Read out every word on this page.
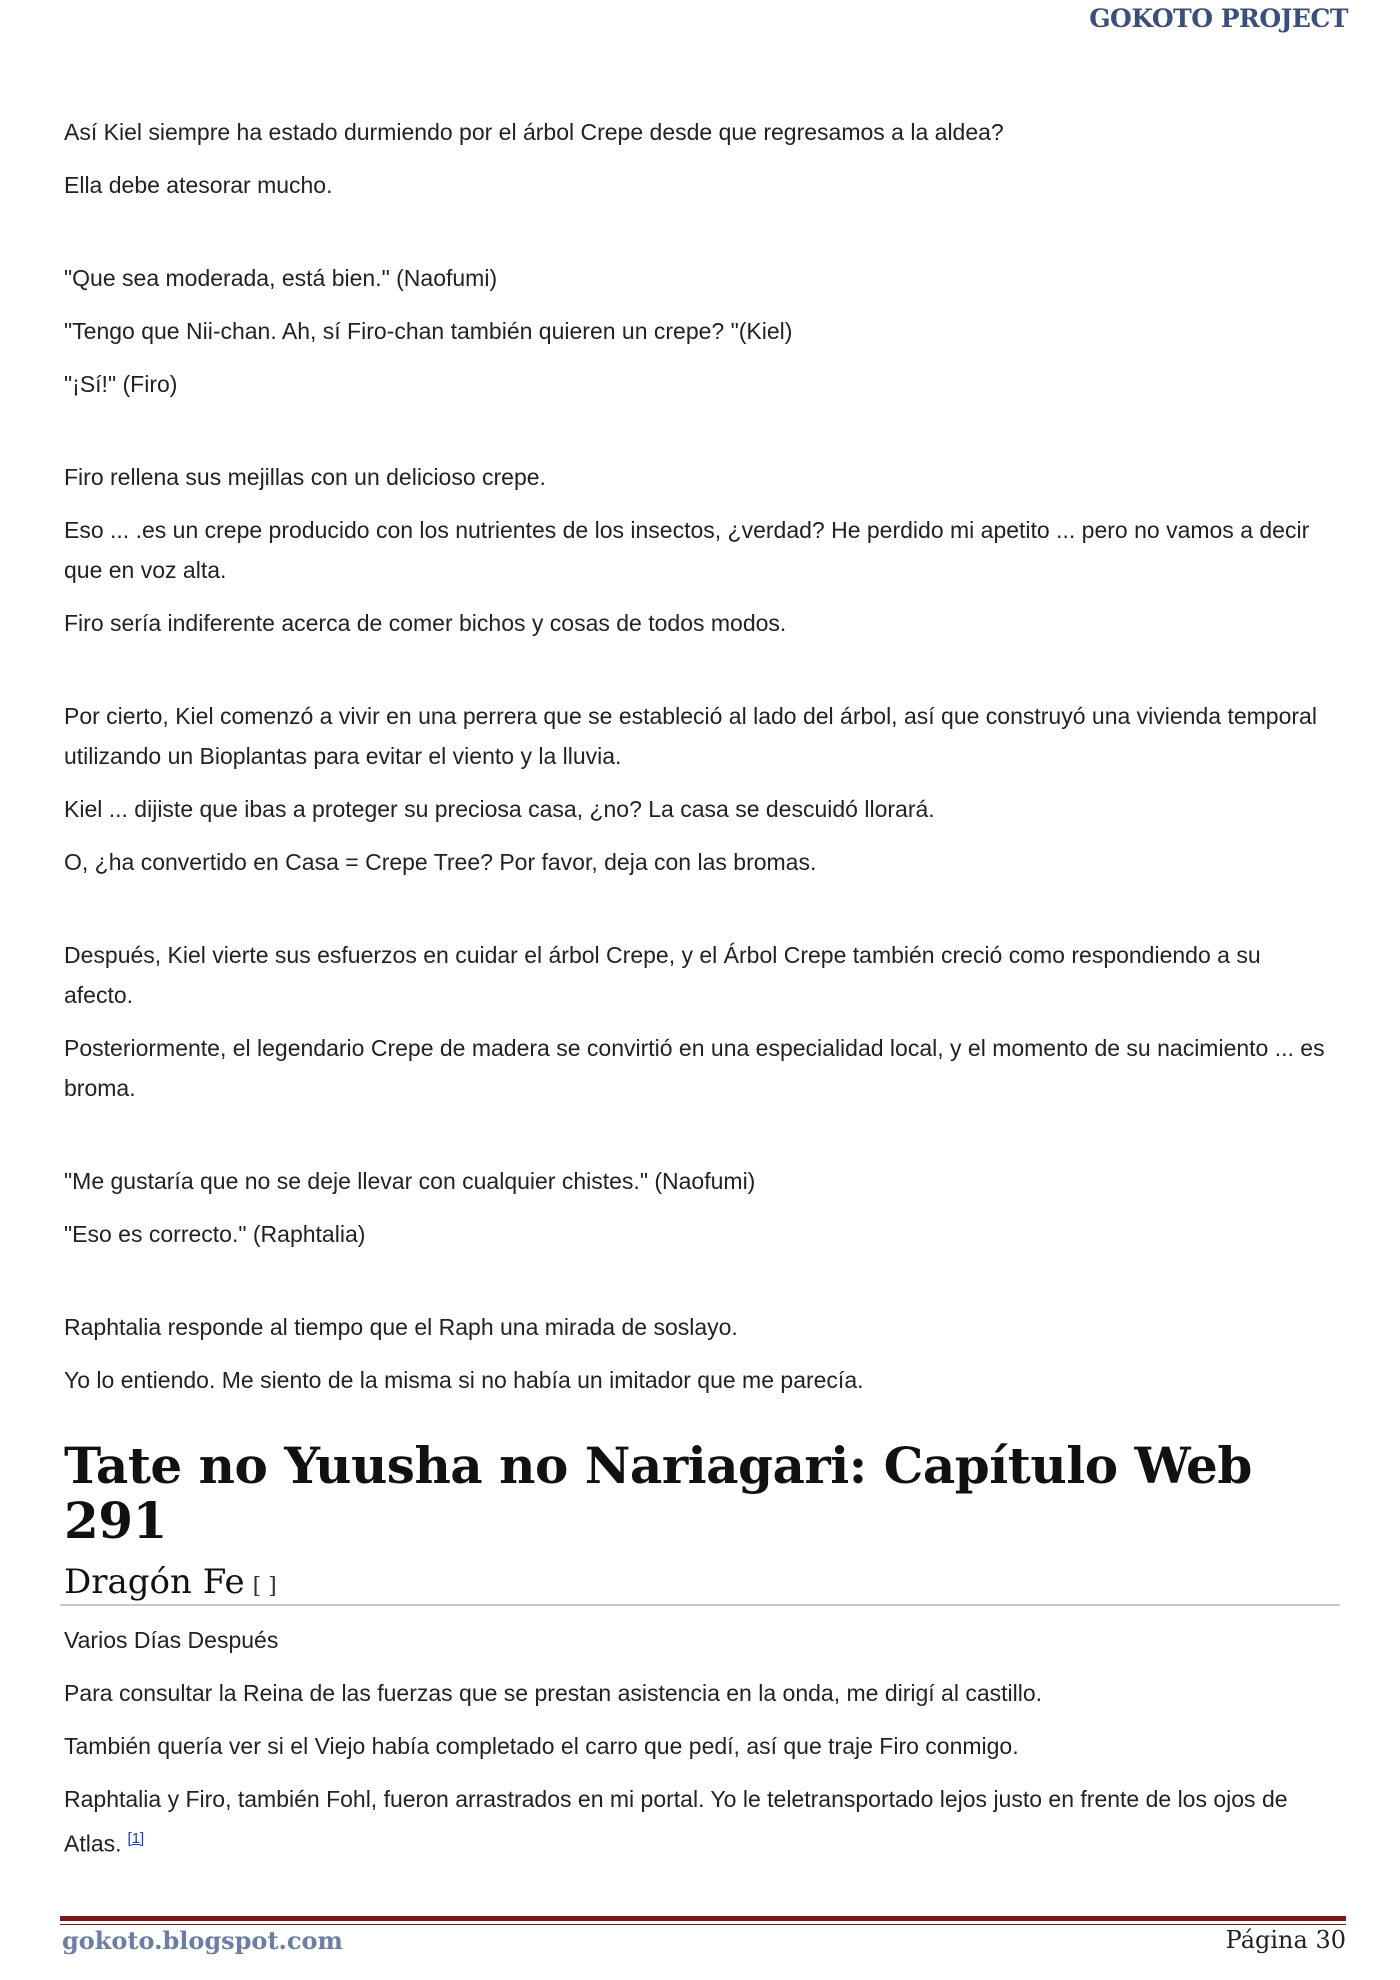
GOKOTO PROJECT

Así Kiel siempre ha estado durmiendo por el árbol Crepe desde que regresamos a la aldea?

Ella debe atesorar mucho.

"Que sea moderada, está bien." (Naofumi)

"Tengo que Nii-chan. Ah, sí Firo-chan también quieren un crepe? "(Kiel)

"¡Sí!" (Firo)

Firo rellena sus mejillas con un delicioso crepe.

Eso ... .es un crepe producido con los nutrientes de los insectos, ¿verdad? He perdido mi apetito ... pero no vamos a decir que en voz alta.

Firo sería indiferente acerca de comer bichos y cosas de todos modos.

Por cierto, Kiel comenzó a vivir en una perrera que se estableció al lado del árbol, así que construyó una vivienda temporal utilizando un Bioplantas para evitar el viento y la lluvia.

Kiel ... dijiste que ibas a proteger su preciosa casa, ¿no? La casa se descuidó llorará.

O, ¿ha convertido en Casa = Crepe Tree? Por favor, deja con las bromas.

Después, Kiel vierte sus esfuerzos en cuidar el árbol Crepe, y el Árbol Crepe también creció como respondiendo a su afecto.

Posteriormente, el legendario Crepe de madera se convirtió en una especialidad local, y el momento de su nacimiento ... es broma.

"Me gustaría que no se deje llevar con cualquier chistes." (Naofumi)

"Eso es correcto." (Raphtalia)

Raphtalia responde al tiempo que el Raph una mirada de soslayo.

Yo lo entiendo. Me siento de la misma si no había un imitador que me parecía.

Tate no Yuusha no Nariagari: Capítulo Web 291
Dragón Fe [ ]

Varios Días Después

Para consultar la Reina de las fuerzas que se prestan asistencia en la onda, me dirigí al castillo.

También quería ver si el Viejo había completado el carro que pedí, así que traje Firo conmigo.

Raphtalia y Firo, también Fohl, fueron arrastrados en mi portal. Yo le teletransportado lejos justo en frente de los ojos de Atlas. [1]

gokoto.blogspot.com	Página 30
